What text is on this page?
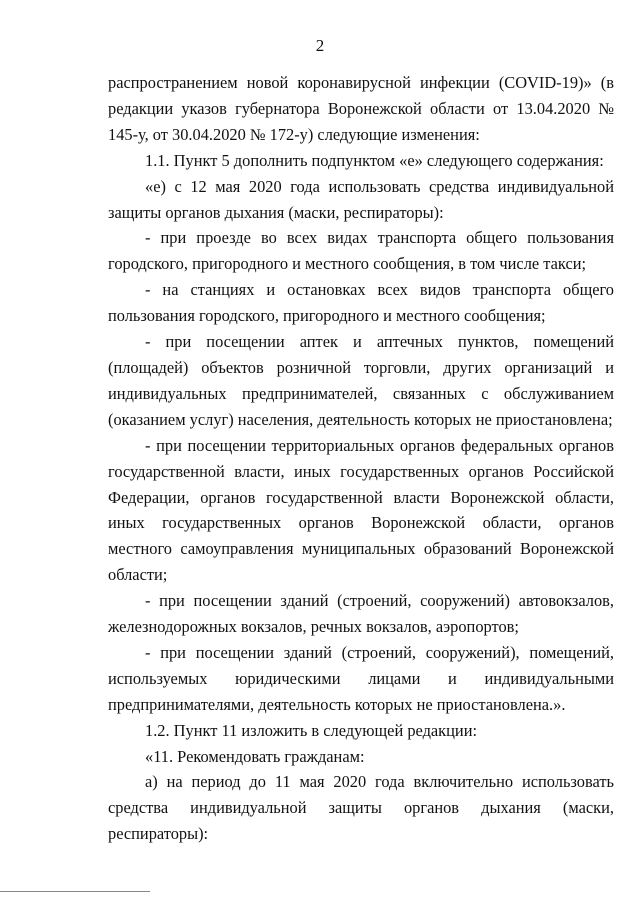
2

распространением новой коронавирусной инфекции (COVID-19)» (в редакции указов губернатора Воронежской области от 13.04.2020 № 145-у, от 30.04.2020 № 172-у) следующие изменения:

1.1. Пункт 5 дополнить подпунктом «е» следующего содержания:

«е) с 12 мая 2020 года использовать средства индивидуальной защиты органов дыхания (маски, респираторы):

- при проезде во всех видах транспорта общего пользования городского, пригородного и местного сообщения, в том числе такси;

- на станциях и остановках всех видов транспорта общего пользования городского, пригородного и местного сообщения;

- при посещении аптек и аптечных пунктов, помещений (площадей) объектов розничной торговли, других организаций и индивидуальных предпринимателей, связанных с обслуживанием (оказанием услуг) населения, деятельность которых не приостановлена;

- при посещении территориальных органов федеральных органов государственной власти, иных государственных органов Российской Федерации, органов государственной власти Воронежской области, иных государственных органов Воронежской области, органов местного самоуправления муниципальных образований Воронежской области;

- при посещении зданий (строений, сооружений) автовокзалов, железнодорожных вокзалов, речных вокзалов, аэропортов;

- при посещении зданий (строений, сооружений), помещений, используемых юридическими лицами и индивидуальными предпринимателями, деятельность которых не приостановлена.».

1.2. Пункт 11 изложить в следующей редакции:

«11. Рекомендовать гражданам:

а) на период до 11 мая 2020 года включительно использовать средства индивидуальной защиты органов дыхания (маски, респираторы):
